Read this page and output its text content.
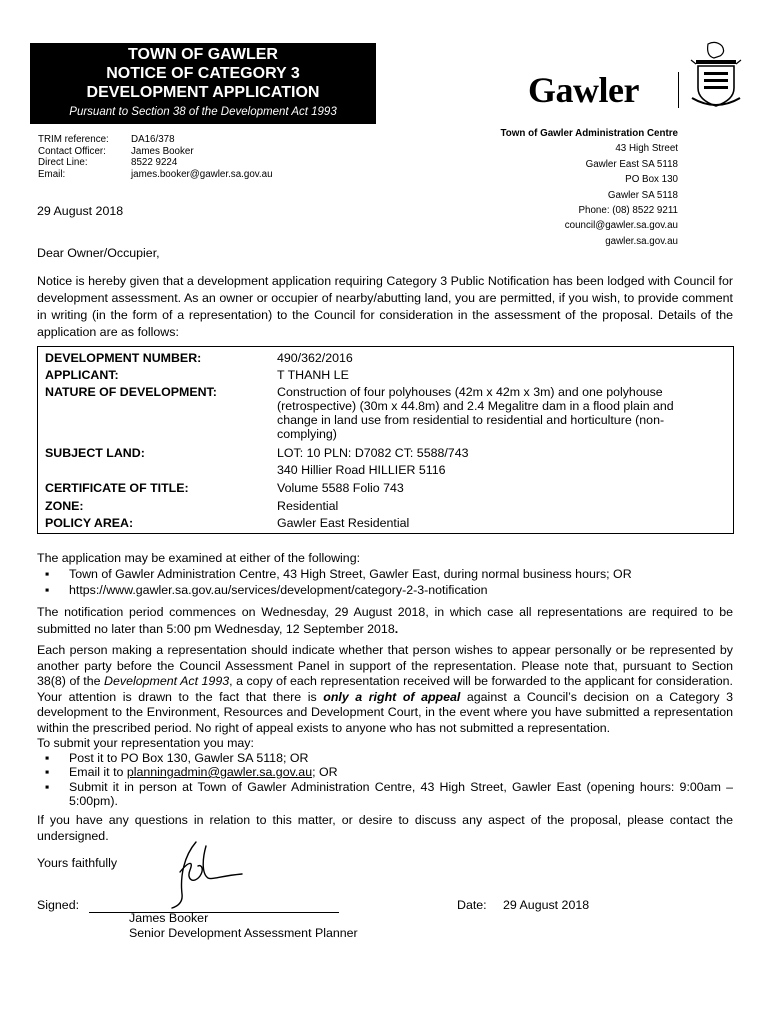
TOWN OF GAWLER
NOTICE OF CATEGORY 3
DEVELOPMENT APPLICATION
Pursuant to Section 38 of the Development Act 1993
Gawler
Town of Gawler Administration Centre
43 High Street
Gawler East SA 5118
PO Box 130
Gawler SA 5118
Phone: (08) 8522 9211
council@gawler.sa.gov.au
gawler.sa.gov.au
TRIM reference:	DA16/378
Contact Officer:	James Booker
Direct Line:	8522 9224
Email:	james.booker@gawler.sa.gov.au
29 August 2018
Dear Owner/Occupier,
Notice is hereby given that a development application requiring Category 3 Public Notification has been lodged with Council for development assessment. As an owner or occupier of nearby/abutting land, you are permitted, if you wish, to provide comment in writing (in the form of a representation) to the Council for consideration in the assessment of the proposal. Details of the application are as follows:
DEVELOPMENT NUMBER:	490/362/2016
APPLICANT:	T THANH LE
NATURE OF DEVELOPMENT:	Construction of four polyhouses (42m x 42m x 3m) and one polyhouse (retrospective) (30m x 44.8m) and 2.4 Megalitre dam in a flood plain and change in land use from residential to residential and horticulture (non-complying)
SUBJECT LAND:	LOT: 10 PLN: D7082 CT: 5588/743
340 Hillier Road HILLIER 5116
CERTIFICATE OF TITLE:	Volume 5588 Folio 743
ZONE:	Residential
POLICY AREA:	Gawler East Residential
The application may be examined at either of the following:
▪ Town of Gawler Administration Centre, 43 High Street, Gawler East, during normal business hours; OR
▪ https://www.gawler.sa.gov.au/services/development/category-2-3-notification
The notification period commences on Wednesday, 29 August 2018, in which case all representations are required to be submitted no later than 5:00 pm Wednesday, 12 September 2018.
Each person making a representation should indicate whether that person wishes to appear personally or be represented by another party before the Council Assessment Panel in support of the representation. Please note that, pursuant to Section 38(8) of the Development Act 1993, a copy of each representation received will be forwarded to the applicant for consideration. Your attention is drawn to the fact that there is only a right of appeal against a Council’s decision on a Category 3 development to the Environment, Resources and Development Court, in the event where you have submitted a representation within the prescribed period. No right of appeal exists to anyone who has not submitted a representation.
To submit your representation you may:
▪ Post it to PO Box 130, Gawler SA 5118; OR
▪ Email it to planningadmin@gawler.sa.gov.au; OR
▪ Submit it in person at Town of Gawler Administration Centre, 43 High Street, Gawler East (opening hours: 9:00am – 5:00pm).
If you have any questions in relation to this matter, or desire to discuss any aspect of the proposal, please contact the undersigned.
Yours faithfully
Signed:	Date: 29 August 2018
James Booker
Senior Development Assessment Planner
